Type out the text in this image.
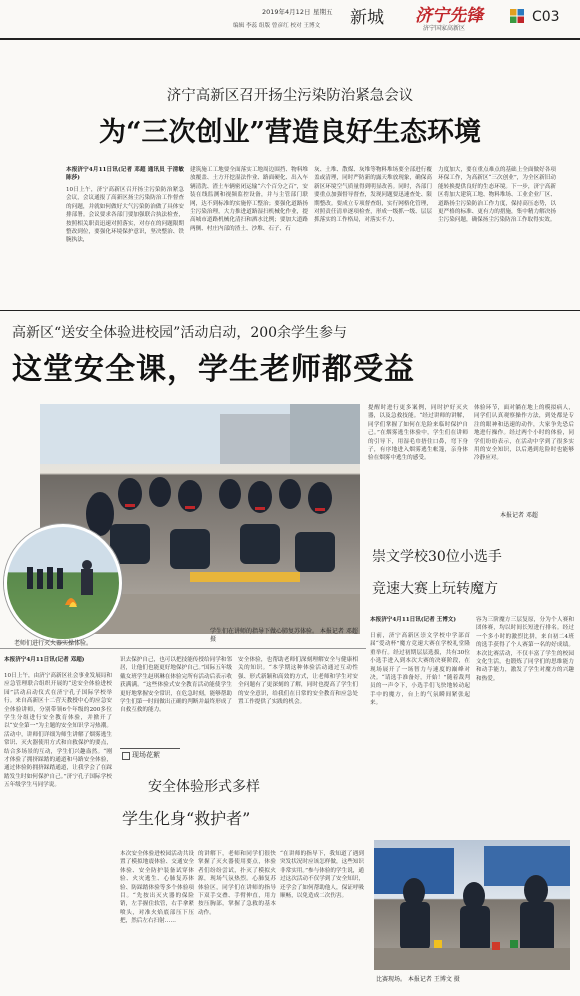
2019年4月12日 星期五 新城
编辑 李蕊 组版 曾彦红 校对 王博文	济宁先锋
济宁国家高新区
C03
济宁高新区召开扬尘污染防治紧急会议
为“三次创业”营造良好生态环境
本报济宁4月11日讯(记者 邓超 通讯员 于清敏 陈莎)
10日上午，济宁高新区召开扬尘污染防治紧急会议，会议通报了高新区扬尘污染防治工作督查的问题，并就如何做好大气污染防治做了具体安排部署。会议要求各部门要加强联合执法检查，按照相关职责迅速对照落实，对存在的问题限期整改到位，要强化环境保护意识，坚决整治、铁腕执法，
建筑施工工地要全面落实工地周边围挡、物料堆放覆盖、土方开挖湿法作业、路面硬化、出入车辆清洗、渣土车辆密闭运输“六个百分之百”，安装在线监测和视频监控设备，并与主管部门联网，达不到标准的实施停工整治；要强化道路扬尘污染治理，大力推进道路湿扫机械化作业，提高城市道路机械化清扫和洒水比例；要加大道路两侧、村庄内部的渣土、沙堆、石子、石
灰、土堆、散煤、灰堆等物料堆场要全部进行覆盖或清理，同时严防新的露天堆放现象，确保高新区环境空气质量得到明显改善。同时，各部门要重点加强督导督查，发现问题要迅速查处、限期整改。要成立专项督查组，实行网格化管理，对照责任清单逐项检查，形成一级抓一级、层层抓落实的工作格局，对落实不力、
力度加大，要在重点难点的基础上全面做好各项环保工作，为高新区“三次创业”，为全区新旧动能转换提供良好的生态环境。下一步，济宁高新区将加大建筑工地、物料堆场、工业企业厂区、道路扬尘污染防治工作力度，保持高压态势，以更严格的标准、更有力的措施，集中精力解决扬尘污染问题，确保扬尘污染防治工作取得实效。
高新区“送安全体验进校园”活动启动，200余学生参与
这堂安全课，学生老师都受益
老师们进行灭火器实操体验。
学生们在讲师的指导下做心肺复苏体验。 本报记者 邓超 摄
提醒时进行更多案例，同时护好灭火器，以及急救技能。“经过讲师的讲解，同学们掌握了如何在危险来临时保护自己。”在烟雾逃生体验中，学生们在讲师的引导下，用湿毛巾捂住口鼻，弯下身子，有序地进入烟雾逃生帐篷，亲身体验在烟雾中逃生的感受。
体验环节，面对躺在地上的模拟病人，同学们认真观察操作方法，到处都是专注的眼神和迅速的动作，大家争先恐后地进行操作。经过两个小时的体验，同学们纷纷表示，在活动中学到了很多实用的安全知识，以后遇到危险时也能够冷静应对。
本报记者 邓超
本报济宁4月11日讯(记者 邓超)
10日上午，由济宁高新区社会事业发展局和应急管理联合组织开展的“送安全体验进校园”活动启动仪式在济宁孔子国际学校举行。来自高新区十二营天教授中心的应急安全体验讲师，分别带领6个年级的200多位学生分组进行安全教育体验，并掀开了以“安全第一”为主题的安全知识学习热潮。活动中，讲师们详细为师生讲解了烟雾逃生常识、灭火器使用方式和自救保护的要点，结合多场景的互动，学生们兴趣盎然。“刚才体验了拥挤踩踏的通道和马路安全体验，通过体验防拥挤踩踏通道，让我学会了在踩踏发生时如何保护自己。”济宁孔子国际学校五年级学生马同学说。
识去保护自己，也可以把技能传授给同学和邻居，让他们也能更好地保护自己。”国际五年级戴女班学生赵琪琳在体验完所有活动后表示收获满满。“这些体验式安全教育活动能使学生更好地掌握安全常识，在危急时刻，能够帮助学生们第一时间做出正确的判断并最终形成了自救互救的能力。
安全体验，也帮助老师们深刻理解安全与健康相关的知识。“本学期这种体验活动通过互动性强、形式新颖和高效的方式，让老师和学生对安全问题有了更深刻的了解，同时也提高了学生们的安全意识，给我们在日常的安全教育和应急处置工作提供了实践的机会。
现场花絮
安全体验形式多样
学生化身“救护者”
本次安全体验进校园活动共设置了模拟地震体验、交通安全体验、安全防护装备试穿体验、火灾逃生、心肺复苏体验、防踩踏体验等多个体验项目。“先按出灭火器的保险销，左手握住软管，右手拿紧喷头，对准火焰底部压下压把，然后左右扫射……
的讲解下，老师和同学们很快掌握了灭火器使用要点，体验者们纷纷尝试，扑灭了模拟火源，现场气氛热烈。心肺复苏体验区，同学们在讲师的指导下双手交叠、手臂伸直，用力按压胸部，掌握了急救的基本动作。
“在讲师的指导下，我知道了遇到突发状况时应该怎样做，这些知识非常实用。”参与体验的学生说，通过这次活动不仅学到了安全知识，还学会了如何帮助他人，保证呼吸顺畅，以免造成二次伤害。
崇文学校30位小选手
竞速大赛上玩转魔方
本报济宁4月11日讯(记者 王博文)
日前，济宁高新区崇文学校中学部首届“爱动杯”魔方竞速大赛在学校礼堂隆重举行。经过初期层层选拔，共有30位小选手进入到本次大赛的决赛阶段，在现场展开了一场智力与速度的巅峰对决。“请选手准备好，开始！”随着裁判员的一声令下，小选手们飞快地转动起手中的魔方，台上的气氛瞬间紧张起来。
容为三阶魔方三层复原，分为个人赛和团体赛，均以时间长短进行排名。经过一个多小时的激烈比拼，来自初二4班的选手获得了个人赛第一名的好成绩。本次比赛活动，不仅丰富了学生的校园文化生活，也锻炼了同学们的思维能力和动手能力，激发了学生对魔方的兴趣和热爱。
比赛现场。 本报记者 王博文 摄
